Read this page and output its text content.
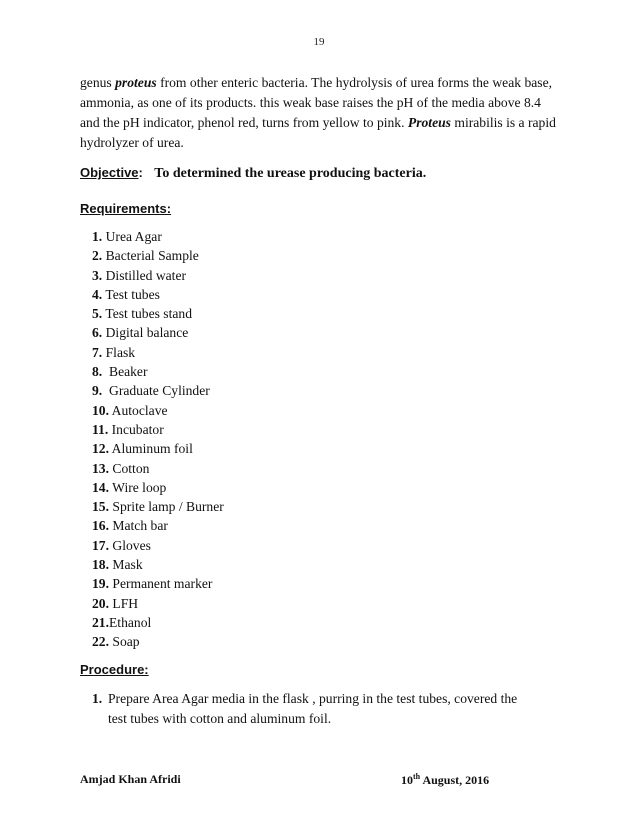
19

genus proteus from other enteric bacteria. The hydrolysis of urea forms the weak base, ammonia, as one of its products. this weak base raises the pH of the media above 8.4 and the pH indicator, phenol red, turns from yellow to pink. Proteus mirabilis is a rapid hydrolyzer of urea.

Objective: To determined the urease producing bacteria.
Requirements:
1. Urea Agar
2. Bacterial Sample
3. Distilled water
4. Test tubes
5. Test tubes stand
6. Digital balance
7. Flask
8. Beaker
9. Graduate Cylinder
10. Autoclave
11. Incubator
12. Aluminum foil
13. Cotton
14. Wire loop
15. Sprite lamp / Burner
16. Match bar
17. Gloves
18. Mask
19. Permanent marker
20. LFH
21.Ethanol
22. Soap
Procedure:

1. Prepare Area Agar media in the flask , purring in the test tubes, covered the
test tubes with cotton and aluminum foil.

Amjad Khan Afridi	10th August, 2016
